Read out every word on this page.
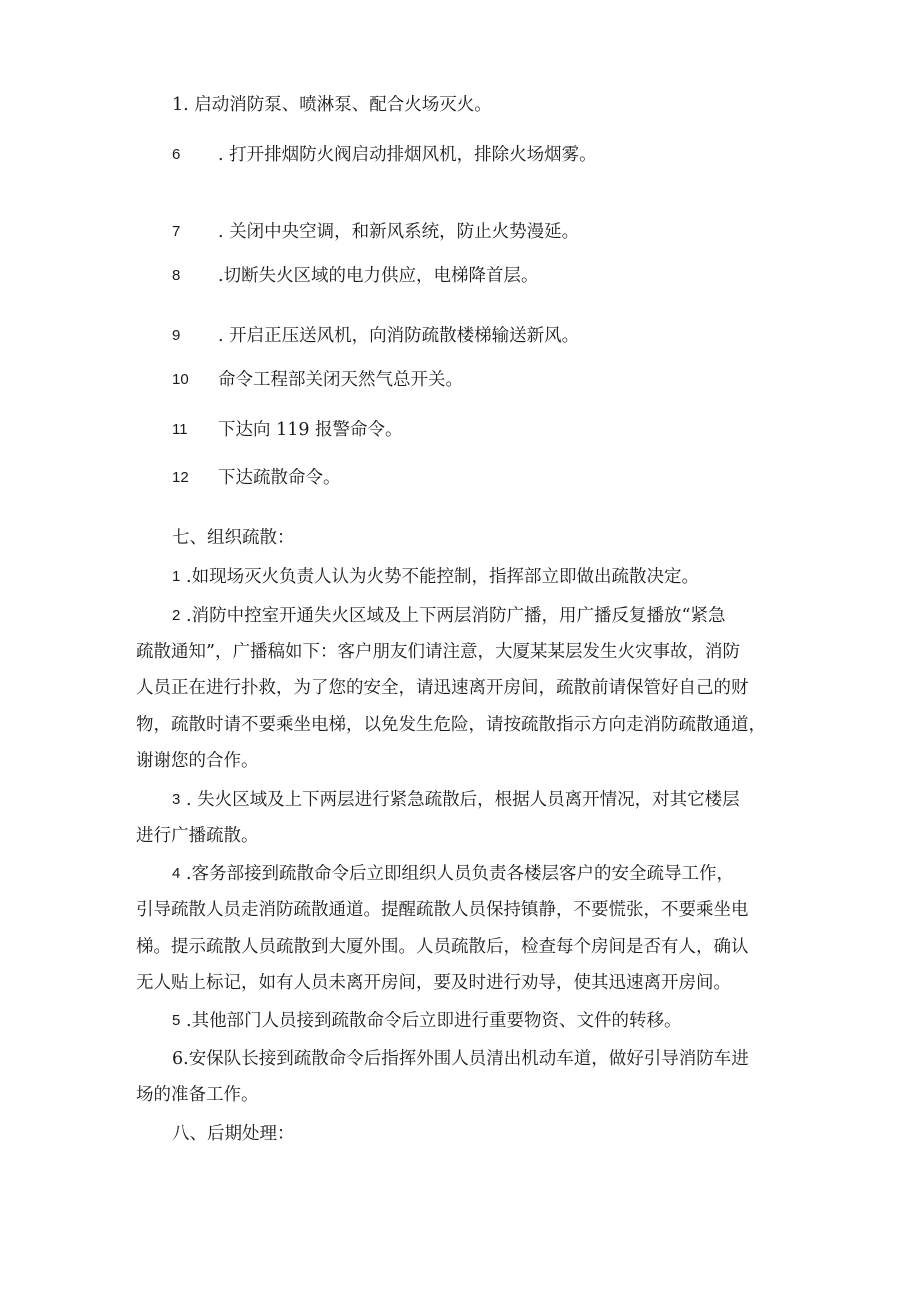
1. 启动消防泵、喷淋泵、配合火场灭火。
6 . 打开排烟防火阀启动排烟风机，排除火场烟雾。
7 . 关闭中央空调，和新风系统，防止火势漫延。
8 .切断失火区域的电力供应，电梯降首层。
9 . 开启正压送风机，向消防疏散楼梯输送新风。
10 命令工程部关闭天然气总开关。
11 下达向 119 报警命令。
12 下达疏散命令。
七、组织疏散：
1 .如现场灭火负责人认为火势不能控制，指挥部立即做出疏散决定。
2 .消防中控室开通失火区域及上下两层消防广播，用广播反复播放“紧急
疏散通知”，广播稿如下：客户朋友们请注意，大厦某某层发生火灾事故，消防
人员正在进行扑救，为了您的安全，请迅速离开房间，疏散前请保管好自己的财
物，疏散时请不要乘坐电梯，以免发生危险，请按疏散指示方向走消防疏散通道，
谢谢您的合作。
3 . 失火区域及上下两层进行紧急疏散后，根据人员离开情况，对其它楼层
进行广播疏散。
4 .客务部接到疏散命令后立即组织人员负责各楼层客户的安全疏导工作，
引导疏散人员走消防疏散通道。提醒疏散人员保持镇静，不要慌张，不要乘坐电
梯。提示疏散人员疏散到大厦外围。人员疏散后，检查每个房间是否有人，确认
无人贴上标记，如有人员未离开房间，要及时进行劝导，使其迅速离开房间。
5 .其他部门人员接到疏散命令后立即进行重要物资、文件的转移。
6.安保队长接到疏散命令后指挥外围人员清出机动车道，做好引导消防车进
场的准备工作。
八、后期处理：
